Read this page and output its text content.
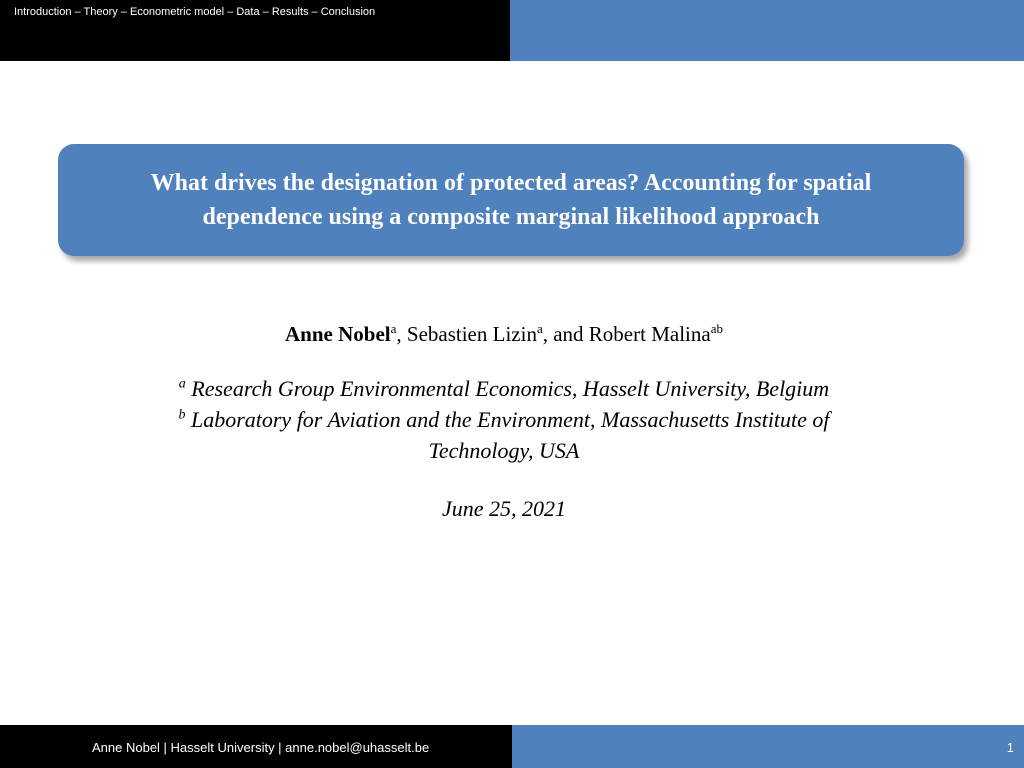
Introduction – Theory – Econometric model – Data – Results – Conclusion

What drives the designation of protected areas? Accounting for spatial
dependence using a composite marginal likelihood approach

Anne Nobel$^a$, Sebastien Lizin$^a$, and Robert Malina$^{ab}$
$^a$ Research Group Environmental Economics, Hasselt University, Belgium
$^b$ Laboratory for Aviation and the Environment, Massachusetts Institute of
Technology, USA
June 25, 2021
Anne Nobel | Hasselt University | anne.nobel@uhasselt.be	1
